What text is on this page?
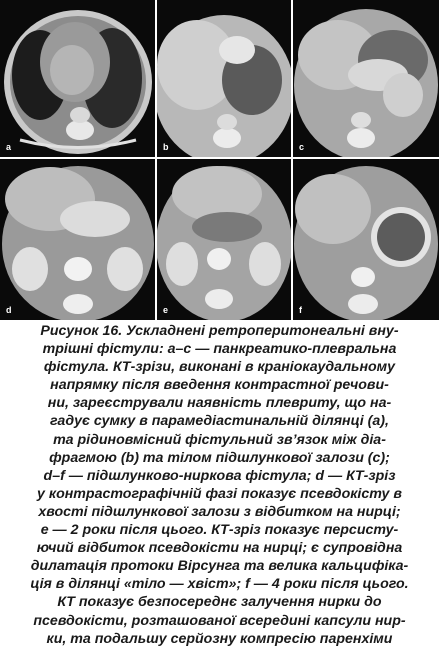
a	b	c
d	e	f
Рисунок 16. Ускладнені ретроперитонеальні вну-
трішні фістули: a–c — панкреатико-плевральна
фістула. КТ-зрізи, виконані в краніокаудальному
напрямку після введення контрастної речови-
ни, зареєстрували наявність плевриту, що на-
гадує сумку в парамедіастинальній ділянці (a),
та рідиновмісний фістульний зв’язок між діа-
фрагмою (b) та тілом підшлункової залози (c);
d–f — підшлунково-ниркова фістула; d — КТ-зріз
у контрастографічній фазі показує псевдокісту в
хвості підшлункової залози з відбитком на нирці;
e — 2 роки після цього. КТ-зріз показує персисту-
ючий відбиток псевдокісти на нирці; є супровідна
дилатація протоки Вірсунга та велика кальцифіка-
ція в ділянці «тіло — хвіст»; f — 4 роки після цього.
КТ показує безпосереднє залучення нирки до
псевдокісти, розташованої всередині капсули нир-
ки, та подальшу серйозну компресію паренхіми
